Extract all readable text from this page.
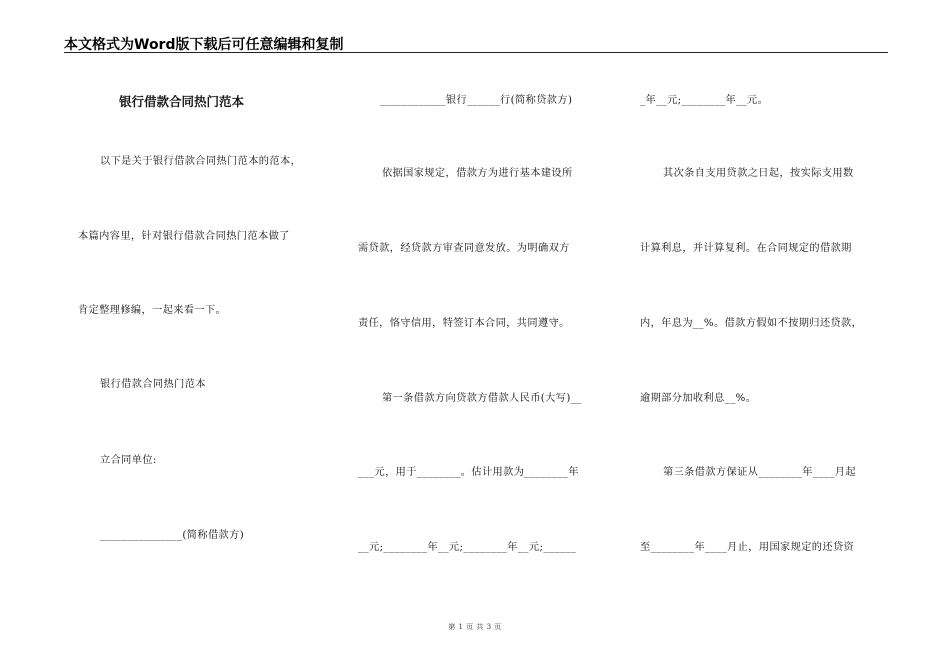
本文格式为Word版下载后可任意编辑和复制
银行借款合同热门范本
以下是关于银行借款合同热门范本的范本，
本篇内容里，针对银行借款合同热门范本做了
肯定整理修编，一起来看一下。
银行借款合同热门范本
立合同单位:
_______________(简称借款方)
____________银行______行(简称贷款方)
依据国家规定，借款方为进行基本建设所
需贷款，经贷款方审查同意发放。为明确双方
责任，恪守信用，特签订本合同，共同遵守。
第一条借款方向贷款方借款人民币(大写)__
___元，用于________。估计用款为________年
__元;________年__元;________年__元;______
_年__元;________年__元。
其次条自支用贷款之日起，按实际支用数
计算利息，并计算复利。在合同规定的借款期
内，年息为__%。借款方假如不按期归还贷款，
逾期部分加收利息__%。
第三条借款方保证从________年____月起
至________年____月止，用国家规定的还贷资
第 1 页 共 3 页
